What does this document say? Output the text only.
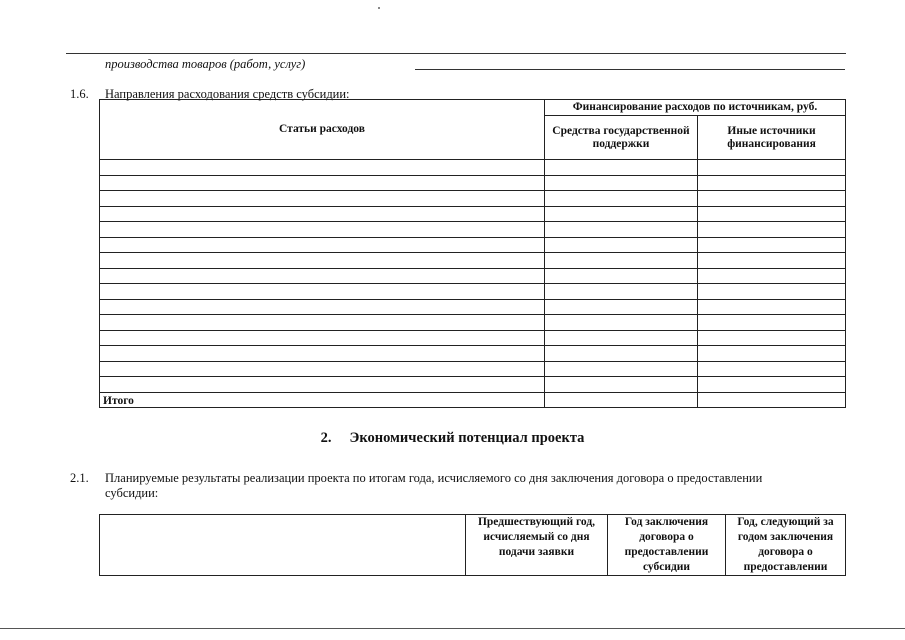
производства товаров (работ, услуг)
1.6. Направления расходования средств субсидии:
Статьи расходов	Финансирование расходов по источникам, руб.	
	Средства государственной поддержки	Иные источники финансирования

Итого		
2. Экономический потенциал проекта
2.1. Планируемые результаты реализации проекта по итогам года, исчисляемого со дня заключения договора о предоставлении субсидии:
	Предшествующий год, исчисляемый со дня подачи заявки	Год заключения договора о предоставлении субсидии	Год, следующий за годом заключения договора о предоставлении
